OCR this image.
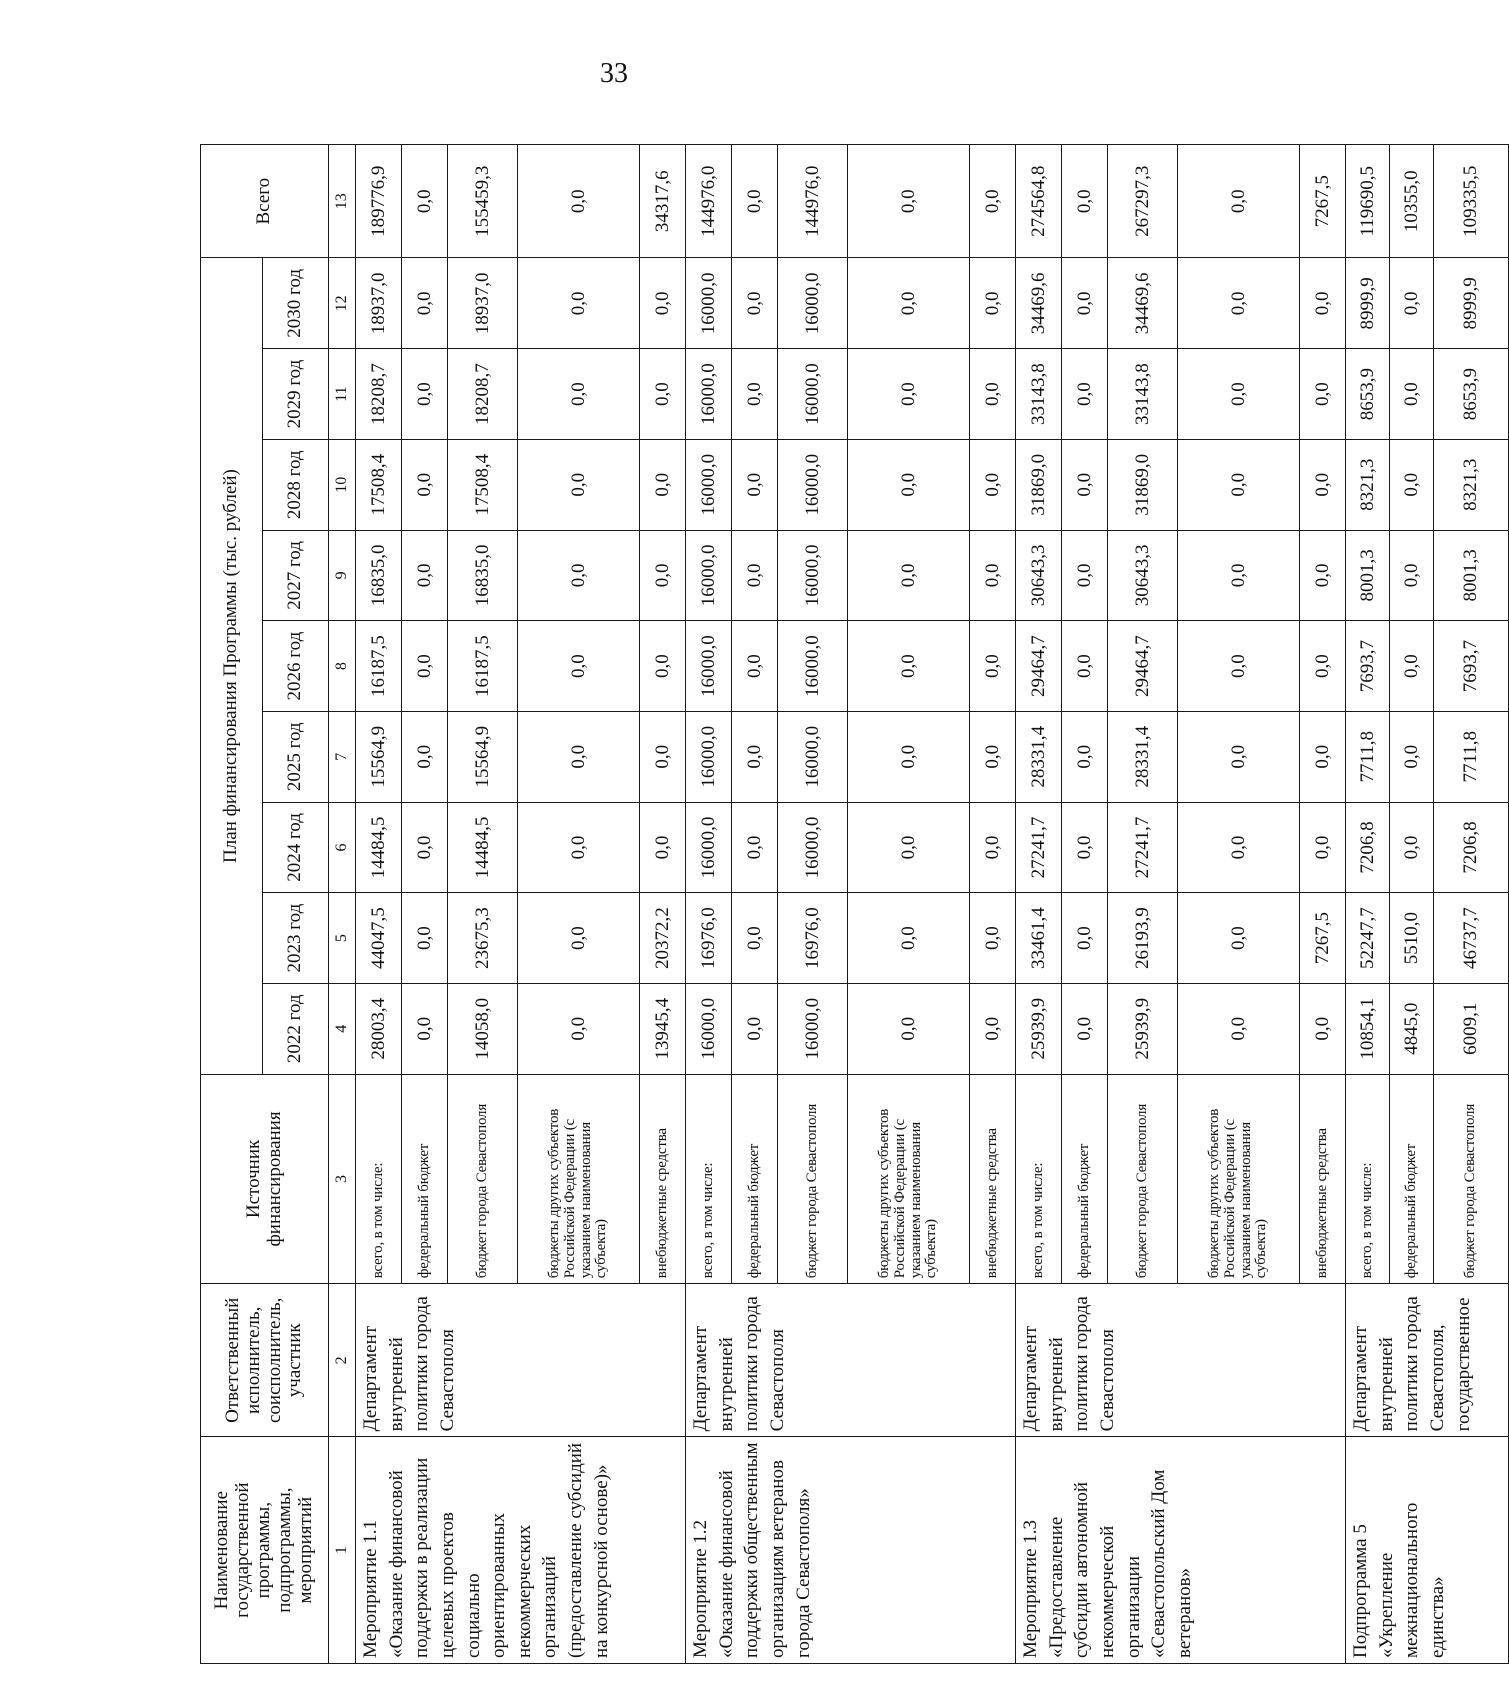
33
Наименование государственной программы, подпрограммы, мероприятий	Ответственный исполнитель, соисполнитель, участник	Источник финансирования	План финансирования Программы (тыс. рублей)									Всего
			2022 год	2023 год	2024 год	2025 год	2026 год	2027 год	2028 год	2029 год	2030 год	
1	2	3	4	5	6	7	8	9	10	11	12	13
Мероприятие 1.1 «Оказание финансовой поддержки в реализации целевых проектов социально ориентированных некоммерческих организаций (предоставление субсидий на конкурсной основе)»	Департамент внутренней политики города Севастополя	всего, в том числе:	28003,4	44047,5	14484,5	15564,9	16187,5	16835,0	17508,4	18208,7	18937,0	189776,9
		федеральный бюджет	0,0	0,0	0,0	0,0	0,0	0,0	0,0	0,0	0,0	0,0
		бюджет города Севастополя	14058,0	23675,3	14484,5	15564,9	16187,5	16835,0	17508,4	18208,7	18937,0	155459,3
		бюджеты других субъектов Российской Федерации (с указанием наименования субъекта)	0,0	0,0	0,0	0,0	0,0	0,0	0,0	0,0	0,0	0,0
		внебюджетные средства	13945,4	20372,2	0,0	0,0	0,0	0,0	0,0	0,0	0,0	34317,6
Мероприятие 1.2 «Оказание финансовой поддержки общественным организациям ветеранов города Севастополя»	Департамент внутренней политики города Севастополя	всего, в том числе:	16000,0	16976,0	16000,0	16000,0	16000,0	16000,0	16000,0	16000,0	16000,0	144976,0
		федеральный бюджет	0,0	0,0	0,0	0,0	0,0	0,0	0,0	0,0	0,0	0,0
		бюджет города Севастополя	16000,0	16976,0	16000,0	16000,0	16000,0	16000,0	16000,0	16000,0	16000,0	144976,0
		бюджеты других субъектов Российской Федерации (с указанием наименования субъекта)	0,0	0,0	0,0	0,0	0,0	0,0	0,0	0,0	0,0	0,0
		внебюджетные средства	0,0	0,0	0,0	0,0	0,0	0,0	0,0	0,0	0,0	0,0
Мероприятие 1.3 «Предоставление субсидии автономной некоммерческой организации «Севастопольский Дом ветеранов»	Департамент внутренней политики города Севастополя	всего, в том числе:	25939,9	33461,4	27241,7	28331,4	29464,7	30643,3	31869,0	33143,8	34469,6	274564,8
		федеральный бюджет	0,0	0,0	0,0	0,0	0,0	0,0	0,0	0,0	0,0	0,0
		бюджет города Севастополя	25939,9	26193,9	27241,7	28331,4	29464,7	30643,3	31869,0	33143,8	34469,6	267297,3
		бюджеты других субъектов Российской Федерации (с указанием наименования субъекта)	0,0	0,0	0,0	0,0	0,0	0,0	0,0	0,0	0,0	0,0
		внебюджетные средства	0,0	7267,5	0,0	0,0	0,0	0,0	0,0	0,0	0,0	7267,5
Подпрограмма 5 «Укрепление межнационального единства»	Департамент внутренней политики города Севастополя, государственное	всего, в том числе:	10854,1	52247,7	7206,8	7711,8	7693,7	8001,3	8321,3	8653,9	8999,9	119690,5
		федеральный бюджет	4845,0	5510,0	0,0	0,0	0,0	0,0	0,0	0,0	0,0	10355,0
		бюджет города Севастополя	6009,1	46737,7	7206,8	7711,8	7693,7	8001,3	8321,3	8653,9	8999,9	109335,5
